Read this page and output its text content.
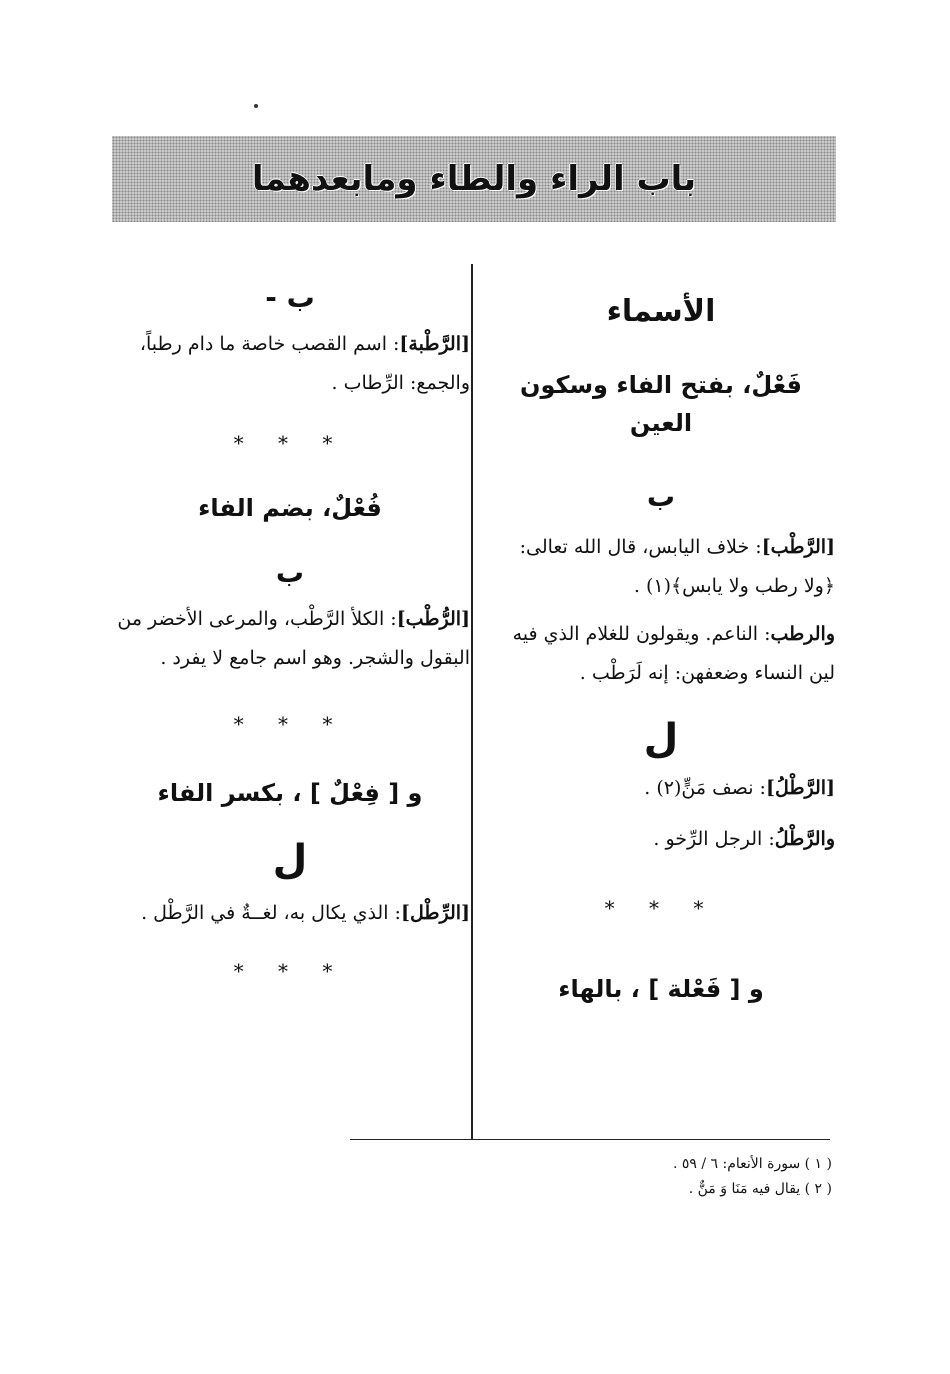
باب الراء والطاء ومابعدهما

الأسماء

فَعْلٌ، بفتح الفاء وسكون العين

ب

[الرَّطْب]: خلاف اليابس، قال الله تعالى: ﴿ولا رطب ولا يابس﴾(١) .

والرطب: الناعم. ويقولون للغلام الذي فيه لين النساء وضعفهن: إنه لَرَطْب .

ل

[الرَّطْلُ]: نصف مَنٍّ(٢) .

والرَّطْلُ: الرجل الرِّخو .

* * *

و [ فَعْلة ] ، بالهاء

ب -

[الرَّطْبة]: اسم القصب خاصة ما دام رطباً، والجمع: الرِّطاب .

* * *

فُعْلٌ، بضم الفاء

ب

[الرُّطْب]: الكلأ الرَّطْب، والمرعى الأخضر من البقول والشجر. وهو اسم جامع لا يفرد .

* * *

و [ فِعْلٌ ] ، بكسر الفاء

ل

[الرِّطْل]: الذي يكال به، لغــةٌ في الرَّطْل .

* * *

( ١ ) سورة الأنعام: ٦ / ٥٩ .

( ٢ ) يقال فيه مَنَا وَ مَنٌّ .
